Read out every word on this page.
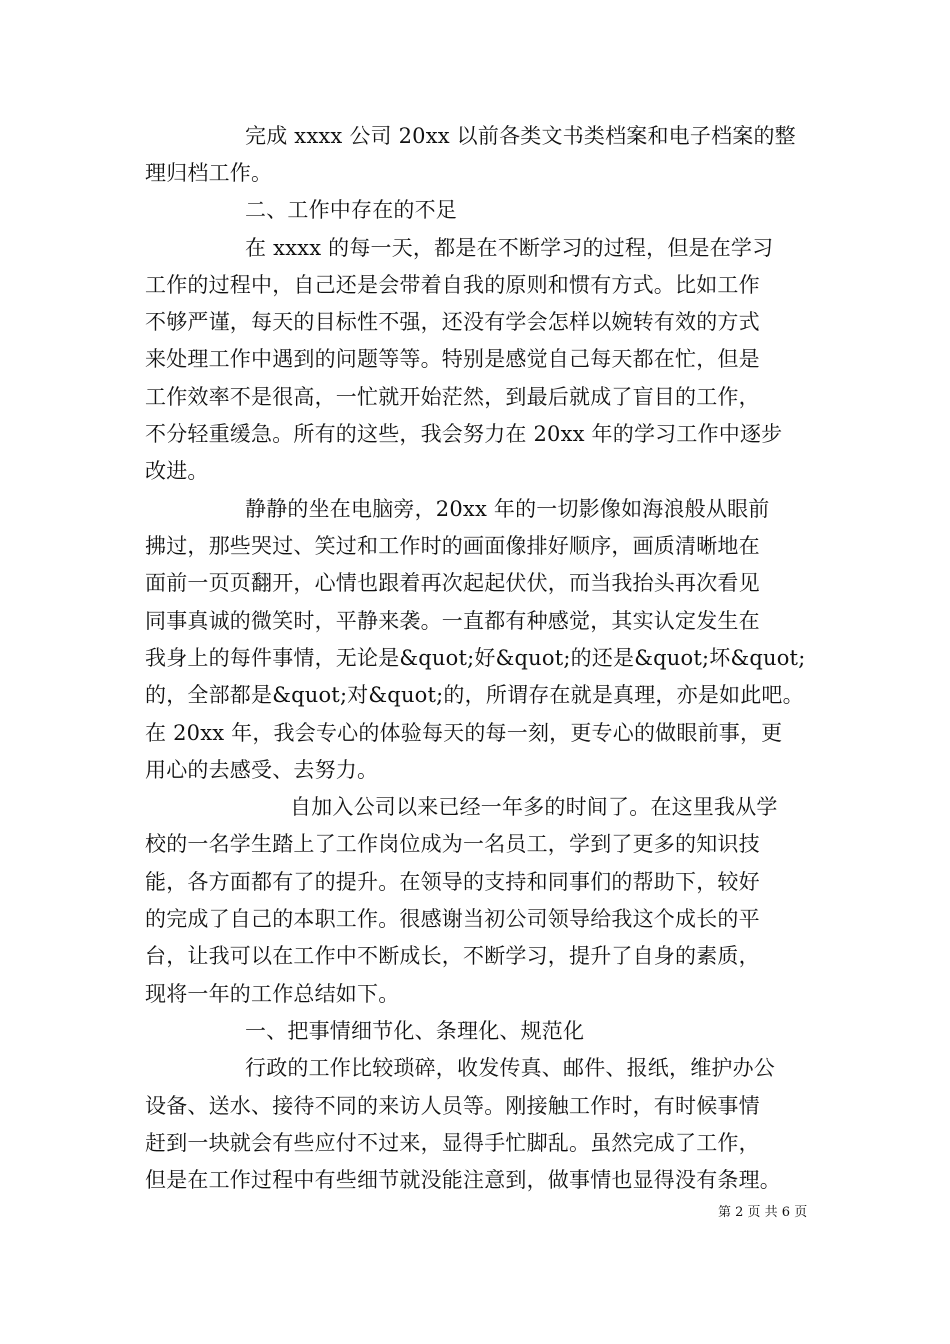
完成 xxxx 公司 20xx 以前各类文书类档案和电子档案的整
理归档工作。
二、工作中存在的不足
在 xxxx 的每一天，都是在不断学习的过程，但是在学习
工作的过程中，自己还是会带着自我的原则和惯有方式。比如工作
不够严谨，每天的目标性不强，还没有学会怎样以婉转有效的方式
来处理工作中遇到的问题等等。特别是感觉自己每天都在忙，但是
工作效率不是很高，一忙就开始茫然，到最后就成了盲目的工作，
不分轻重缓急。所有的这些，我会努力在 20xx 年的学习工作中逐步
改进。
静静的坐在电脑旁，20xx 年的一切影像如海浪般从眼前
拂过，那些哭过、笑过和工作时的画面像排好顺序，画质清晰地在
面前一页页翻开，心情也跟着再次起起伏伏，而当我抬头再次看见
同事真诚的微笑时，平静来袭。一直都有种感觉，其实认定发生在
我身上的每件事情，无论是&quot;好&quot;的还是&quot;坏&quot;
的，全部都是&quot;对&quot;的，所谓存在就是真理，亦是如此吧。
在 20xx 年，我会专心的体验每天的每一刻，更专心的做眼前事，更
用心的去感受、去努力。
自加入公司以来已经一年多的时间了。在这里我从学
校的一名学生踏上了工作岗位成为一名员工，学到了更多的知识技
能，各方面都有了的提升。在领导的支持和同事们的帮助下，较好
的完成了自己的本职工作。很感谢当初公司领导给我这个成长的平
台，让我可以在工作中不断成长，不断学习，提升了自身的素质，
现将一年的工作总结如下。
一、把事情细节化、条理化、规范化
行政的工作比较琐碎，收发传真、邮件、报纸，维护办公
设备、送水、接待不同的来访人员等。刚接触工作时，有时候事情
赶到一块就会有些应付不过来，显得手忙脚乱。虽然完成了工作，
但是在工作过程中有些细节就没能注意到，做事情也显得没有条理。
第 2 页 共 6 页
